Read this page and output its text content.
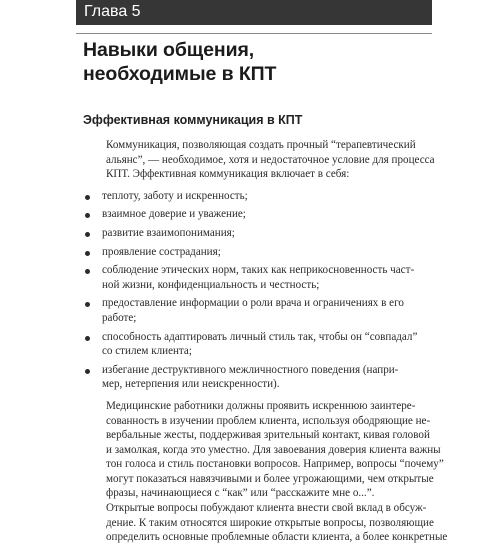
Глава 5
Навыки общения,
необходимые в КПТ
Эффективная коммуникация в КПТ

Коммуникация, позволяющая создать прочный “терапевтический
альянс”, — необходимое, хотя и недостаточное условие для процесса
КПТ. Эффективная коммуникация включает в себя:

теплоту, заботу и искренность;
взаимное доверие и уважение;
развитие взаимопонимания;
проявление сострадания;
соблюдение этических норм, таких как неприкосновенность част-
ной жизни, конфиденциальность и честность;
предоставление информации о роли врача и ограничениях в его
работе;
способность адаптировать личный стиль так, чтобы он “совпадал”
со стилем клиента;
избегание деструктивного межличностного поведения (напри-
мер, нетерпения или неискренности).

Медицинские работники должны проявить искреннюю заинтере-
сованность в изучении проблем клиента, используя ободряющие не-
вербальные жесты, поддерживая зрительный контакт, кивая головой
и замолкая, когда это уместно. Для завоевания доверия клиента важны
тон голоса и стиль постановки вопросов. Например, вопросы “почему”
могут показаться навязчивыми и более угрожающими, чем открытые
фразы, начинающиеся с “как” или “расскажите мне о...”.

Открытые вопросы побуждают клиента внести свой вклад в обсуж-
дение. К таким относятся широкие открытые вопросы, позволяющие
определить основные проблемные области клиента, а более конкретные
